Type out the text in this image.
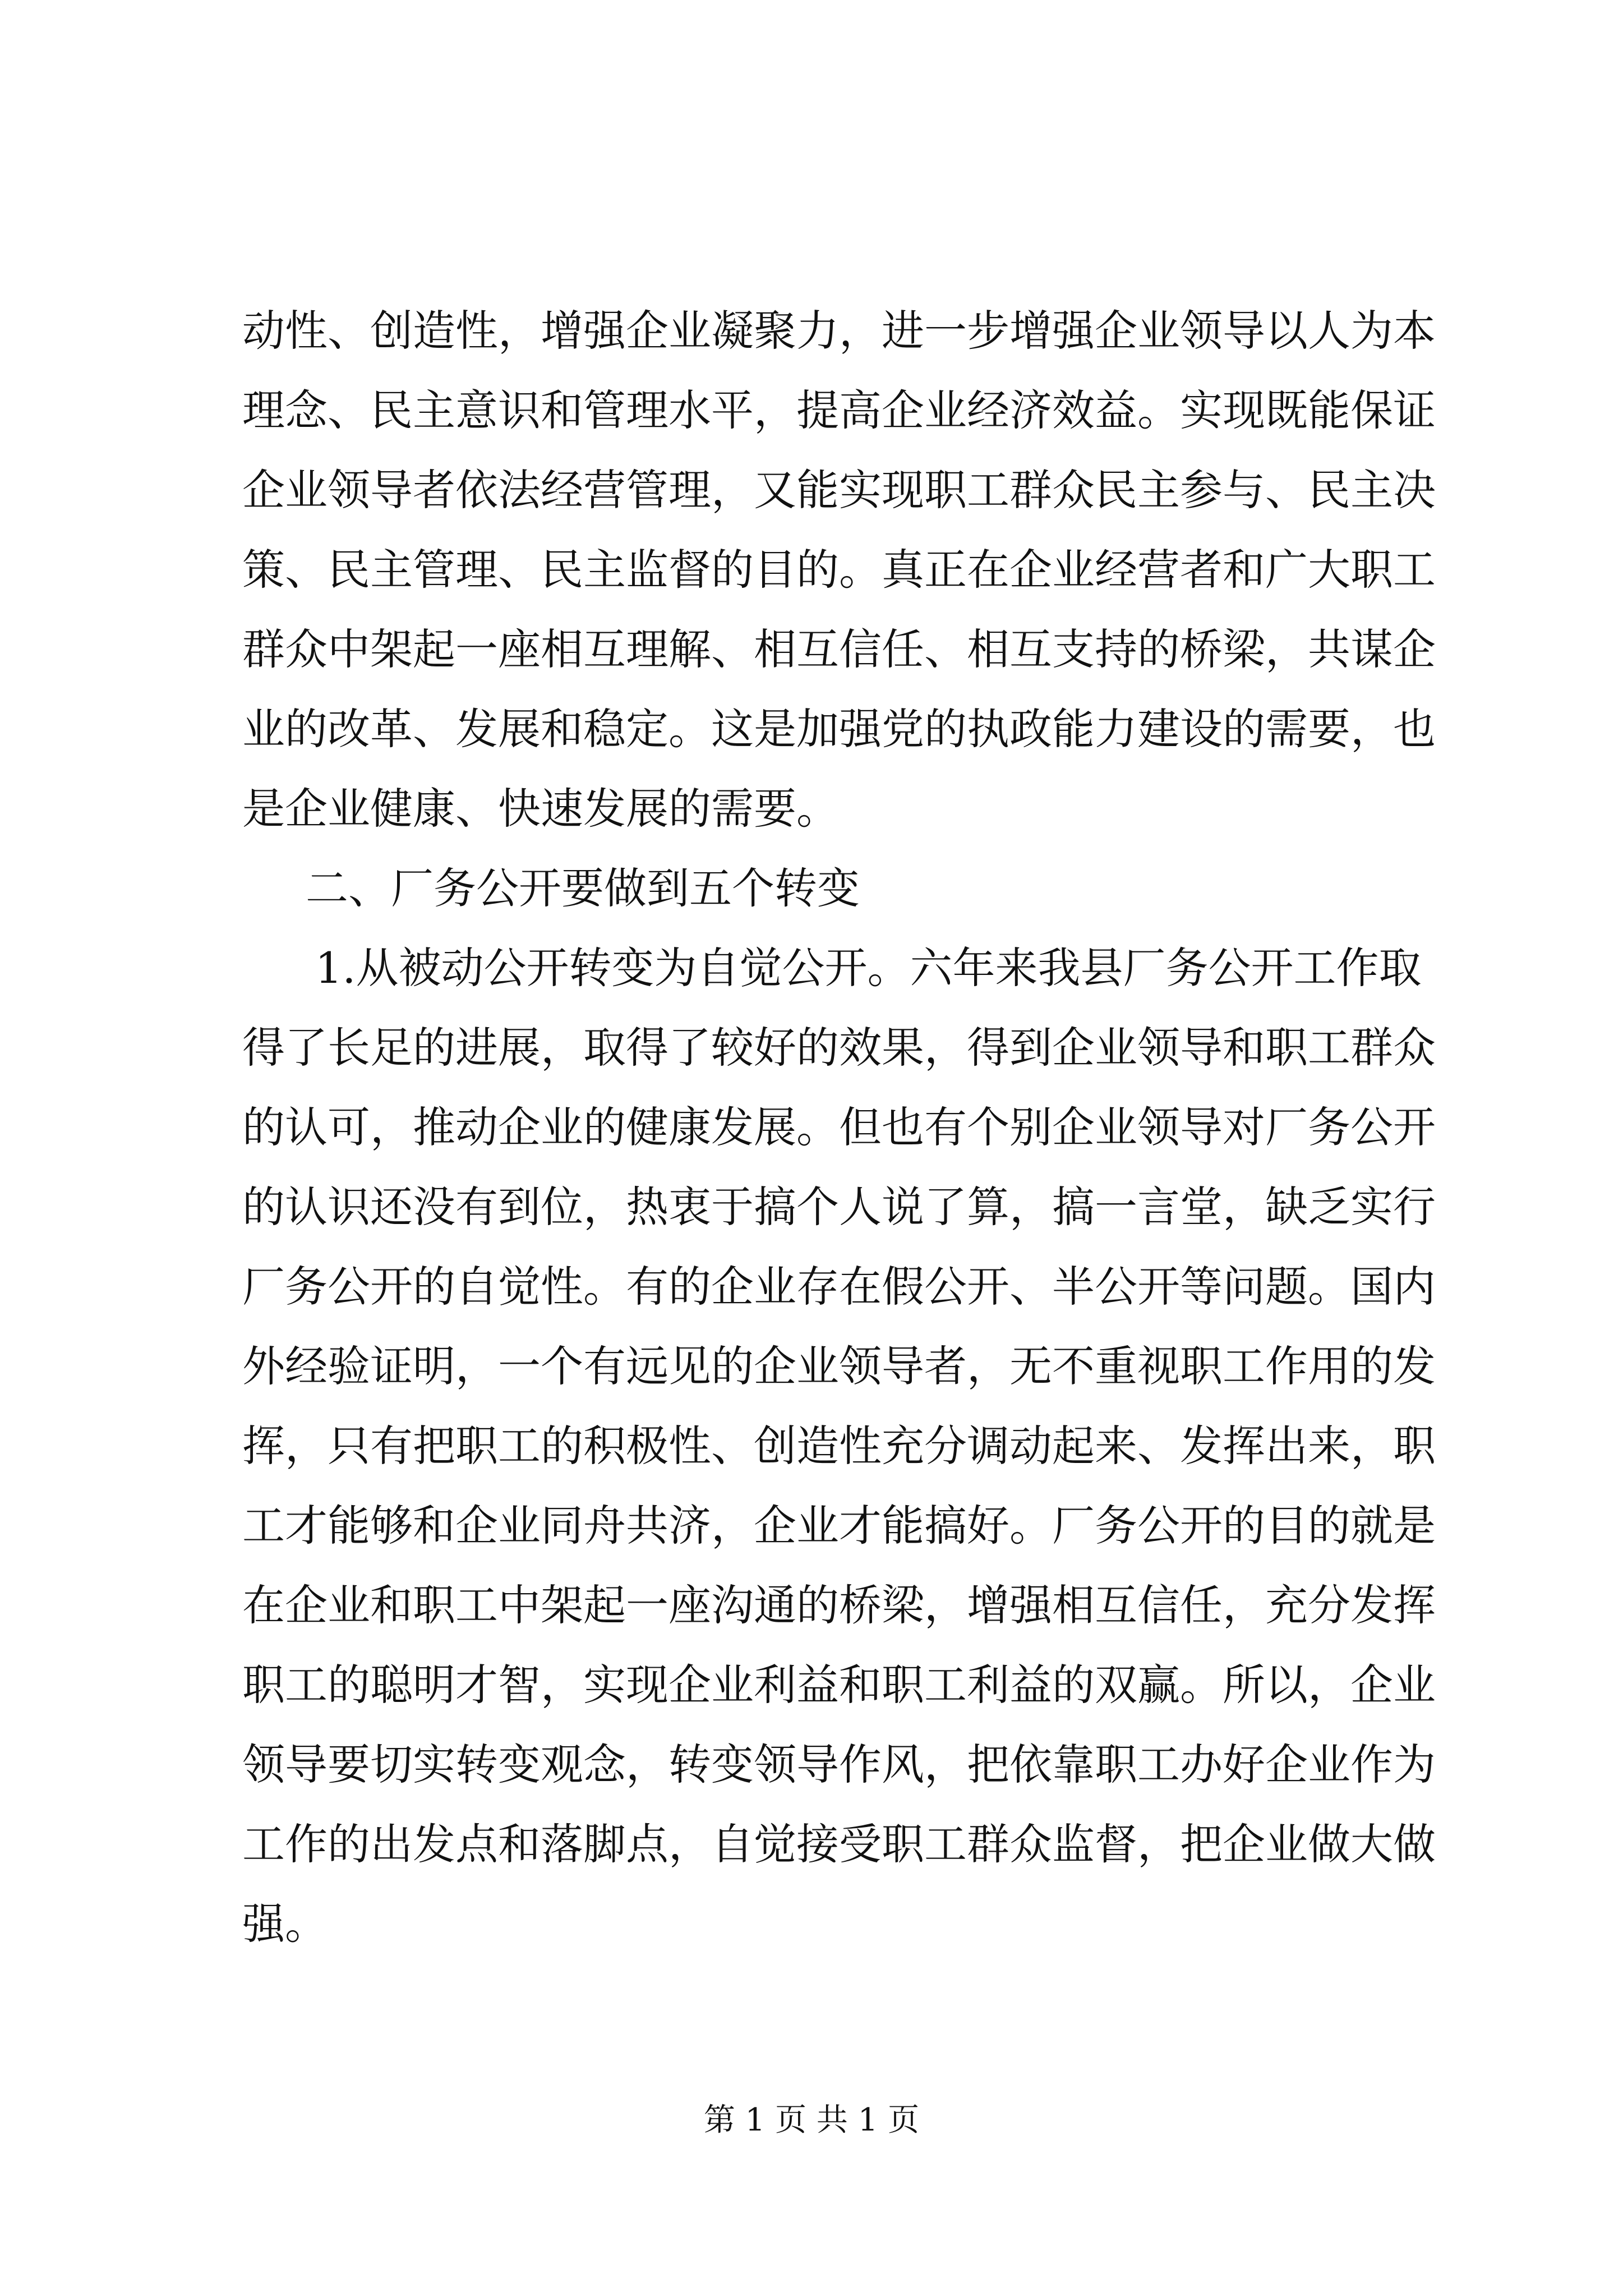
动性、创造性，增强企业凝聚力，进一步增强企业领导以人为本
理念、民主意识和管理水平，提高企业经济效益。实现既能保证
企业领导者依法经营管理，又能实现职工群众民主参与、民主决
策、民主管理、民主监督的目的。真正在企业经营者和广大职工
群众中架起一座相互理解、相互信任、相互支持的桥梁，共谋企
业的改革、发展和稳定。这是加强党的执政能力建设的需要，也
是企业健康、快速发展的需要。
二、厂务公开要做到五个转变
1.从被动公开转变为自觉公开。六年来我县厂务公开工作取
得了长足的进展，取得了较好的效果，得到企业领导和职工群众
的认可，推动企业的健康发展。但也有个别企业领导对厂务公开
的认识还没有到位，热衷于搞个人说了算，搞一言堂，缺乏实行
厂务公开的自觉性。有的企业存在假公开、半公开等问题。国内
外经验证明，一个有远见的企业领导者，无不重视职工作用的发
挥，只有把职工的积极性、创造性充分调动起来、发挥出来，职
工才能够和企业同舟共济，企业才能搞好。厂务公开的目的就是
在企业和职工中架起一座沟通的桥梁，增强相互信任，充分发挥
职工的聪明才智，实现企业利益和职工利益的双赢。所以，企业
领导要切实转变观念，转变领导作风，把依靠职工办好企业作为
工作的出发点和落脚点，自觉接受职工群众监督，把企业做大做
强。
第 1 页 共 1 页
